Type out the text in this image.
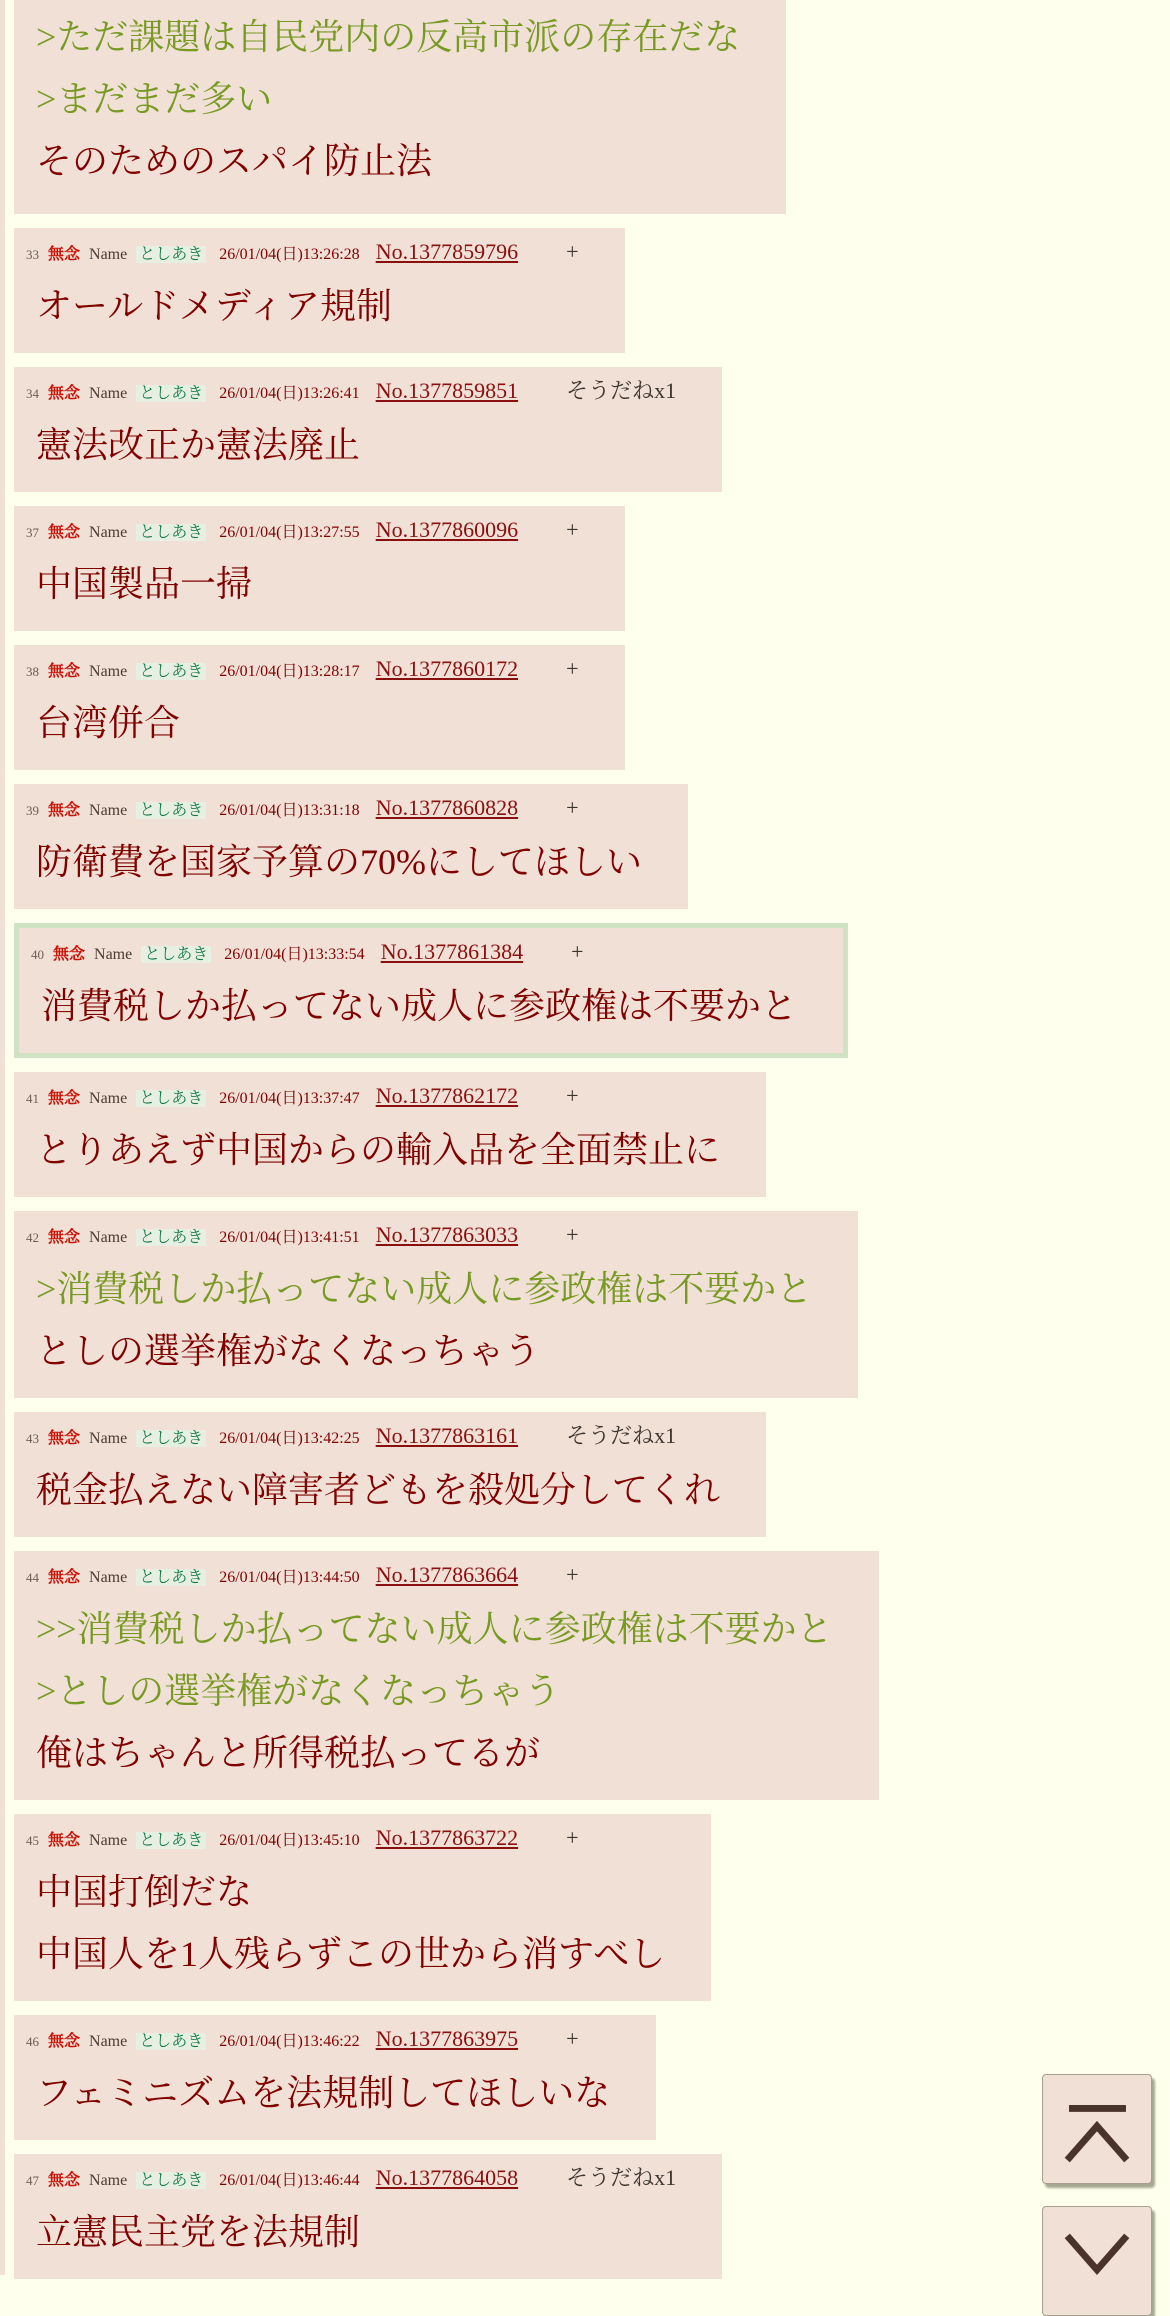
>ただ課題は自民党内の反高市派の存在だな
>まだまだ多い
そのためのスパイ防止法
33 無念 Name としあき 26/01/04(日)13:26:28 No.1377859796 +
オールドメディア規制
34 無念 Name としあき 26/01/04(日)13:26:41 No.1377859851 そうだねx1
憲法改正か憲法廃止
37 無念 Name としあき 26/01/04(日)13:27:55 No.1377860096 +
中国製品一掃
38 無念 Name としあき 26/01/04(日)13:28:17 No.1377860172 +
台湾併合
39 無念 Name としあき 26/01/04(日)13:31:18 No.1377860828 +
防衛費を国家予算の70%にしてほしい
40 無念 Name としあき 26/01/04(日)13:33:54 No.1377861384 +
消費税しか払ってない成人に参政権は不要かと
41 無念 Name としあき 26/01/04(日)13:37:47 No.1377862172 +
とりあえず中国からの輸入品を全面禁止に
42 無念 Name としあき 26/01/04(日)13:41:51 No.1377863033 +
>消費税しか払ってない成人に参政権は不要かと
としの選挙権がなくなっちゃう
43 無念 Name としあき 26/01/04(日)13:42:25 No.1377863161 そうだねx1
税金払えない障害者どもを殺処分してくれ
44 無念 Name としあき 26/01/04(日)13:44:50 No.1377863664 +
>>消費税しか払ってない成人に参政権は不要かと
>としの選挙権がなくなっちゃう
俺はちゃんと所得税払ってるが
45 無念 Name としあき 26/01/04(日)13:45:10 No.1377863722 +
中国打倒だな
中国人を1人残らずこの世から消すべし
46 無念 Name としあき 26/01/04(日)13:46:22 No.1377863975 +
フェミニズムを法規制してほしいな
47 無念 Name としあき 26/01/04(日)13:46:44 No.1377864058 そうだねx1
立憲民主党を法規制
